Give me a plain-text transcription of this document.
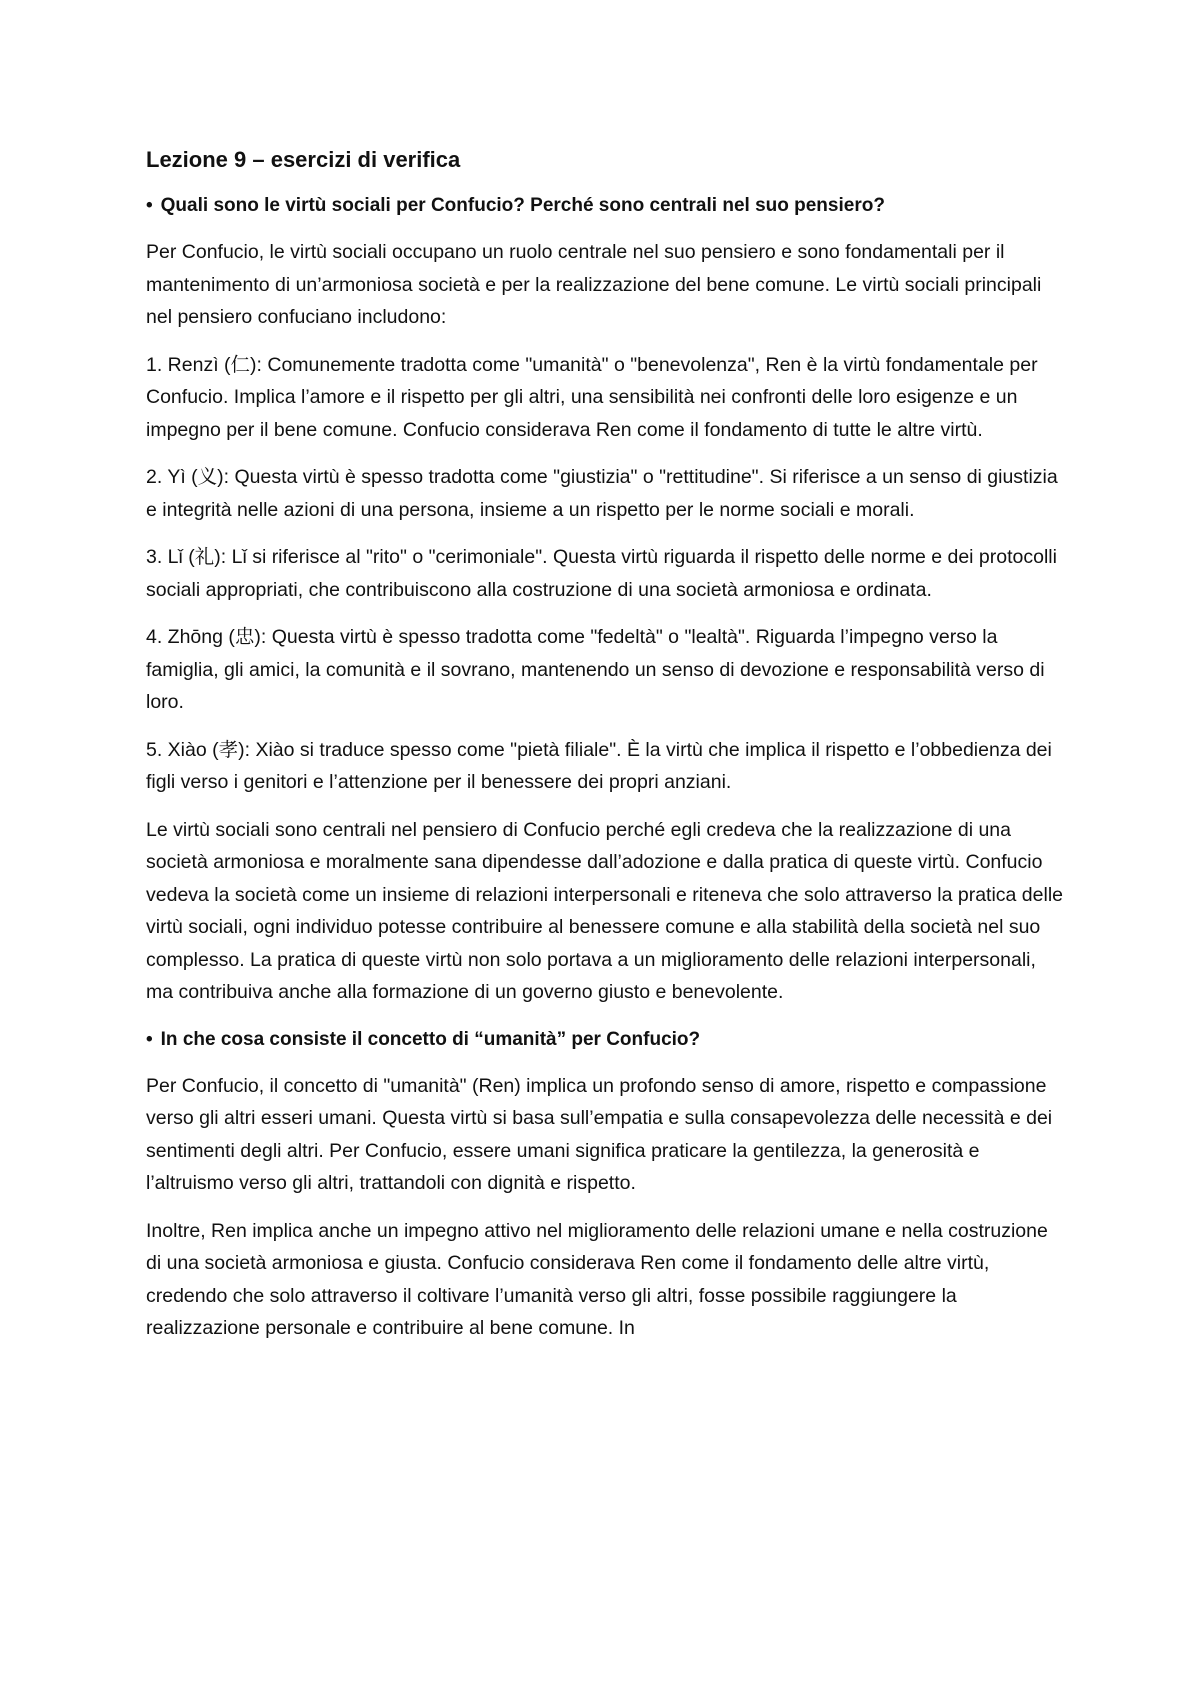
Lezione 9 – esercizi di verifica
• Quali sono le virtù sociali per Confucio? Perché sono centrali nel suo pensiero?

Per Confucio, le virtù sociali occupano un ruolo centrale nel suo pensiero e sono fondamentali per il mantenimento di un’armoniosa società e per la realizzazione del bene comune. Le virtù sociali principali nel pensiero confuciano includono:

1. Renzì (仁): Comunemente tradotta come "umanità" o "benevolenza", Ren è la virtù fondamentale per Confucio. Implica l’amore e il rispetto per gli altri, una sensibilità nei confronti delle loro esigenze e un impegno per il bene comune. Confucio considerava Ren come il fondamento di tutte le altre virtù.

2. Yì (义): Questa virtù è spesso tradotta come "giustizia" o "rettitudine". Si riferisce a un senso di giustizia e integrità nelle azioni di una persona, insieme a un rispetto per le norme sociali e morali.

3. Lǐ (礼): Lǐ si riferisce al "rito" o "cerimoniale". Questa virtù riguarda il rispetto delle norme e dei protocolli sociali appropriati, che contribuiscono alla costruzione di una società armoniosa e ordinata.

4. Zhōng (忠): Questa virtù è spesso tradotta come "fedeltà" o "lealtà". Riguarda l’impegno verso la famiglia, gli amici, la comunità e il sovrano, mantenendo un senso di devozione e responsabilità verso di loro.

5. Xiào (孝): Xiào si traduce spesso come "pietà filiale". È la virtù che implica il rispetto e l’obbedienza dei figli verso i genitori e l’attenzione per il benessere dei propri anziani.

Le virtù sociali sono centrali nel pensiero di Confucio perché egli credeva che la realizzazione di una società armoniosa e moralmente sana dipendesse dall’adozione e dalla pratica di queste virtù. Confucio vedeva la società come un insieme di relazioni interpersonali e riteneva che solo attraverso la pratica delle virtù sociali, ogni individuo potesse contribuire al benessere comune e alla stabilità della società nel suo complesso. La pratica di queste virtù non solo portava a un miglioramento delle relazioni interpersonali, ma contribuiva anche alla formazione di un governo giusto e benevolente.

• In che cosa consiste il concetto di “umanità” per Confucio?

Per Confucio, il concetto di "umanità" (Ren) implica un profondo senso di amore, rispetto e compassione verso gli altri esseri umani. Questa virtù si basa sull’empatia e sulla consapevolezza delle necessità e dei sentimenti degli altri. Per Confucio, essere umani significa praticare la gentilezza, la generosità e l’altruismo verso gli altri, trattandoli con dignità e rispetto.

Inoltre, Ren implica anche un impegno attivo nel miglioramento delle relazioni umane e nella costruzione di una società armoniosa e giusta. Confucio considerava Ren come il fondamento delle altre virtù, credendo che solo attraverso il coltivare l’umanità verso gli altri, fosse possibile raggiungere la realizzazione personale e contribuire al bene comune. In
